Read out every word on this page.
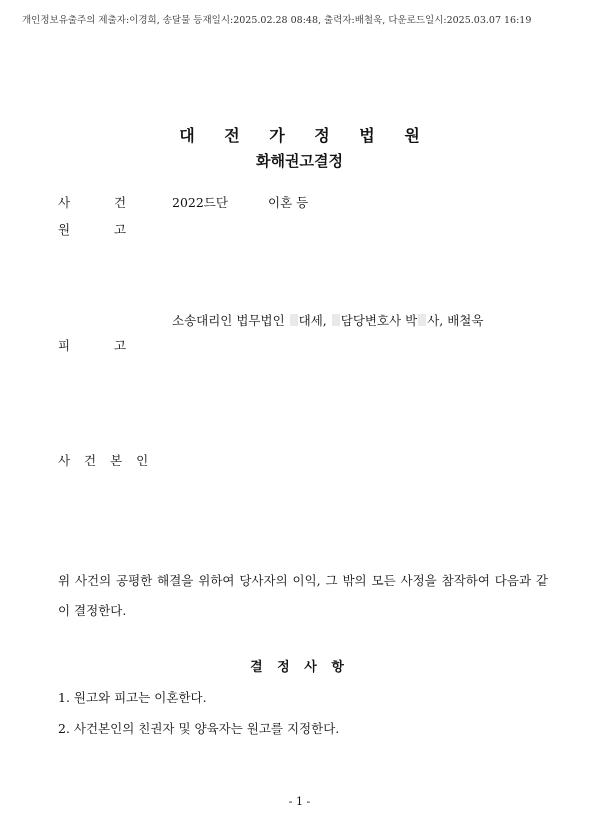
개인정보유출주의 제출자:이경희, 송달물 등재일시:2025.02.28 08:48, 출력자:배철욱, 다운로드일시:2025.03.07 16:19
대 전 가 정 법 원
화해권고결정
사	건	2022드단	이혼 등
원	고
소송대리인 법무법인 대세, 담당변호사 박 사, 배철욱
피	고
사 건 본 인
위 사건의 공평한 해결을 위하여 당사자의 이익, 그 밖의 모든 사정을 참작하여 다음과 같이 결정한다.
결 정 사 항
1. 원고와 피고는 이혼한다.
2. 사건본인의 친권자 및 양육자는 원고를 지정한다.
- 1 -
